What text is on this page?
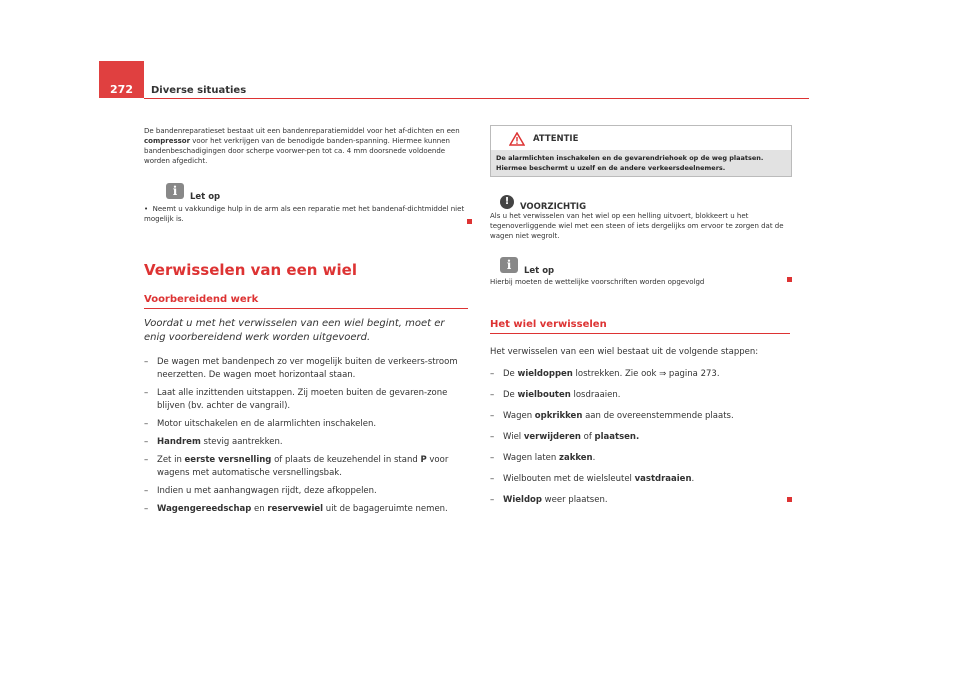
272	Diverse situaties
De bandenreparatieset bestaat uit een bandenreparatiemiddel voor het af-dichten en een compressor voor het verkrijgen van de benodigde banden-spanning. Hiermee kunnen bandenbeschadigingen door scherpe voorwer-pen tot ca. 4 mm doorsnede voldoende worden afgedicht.
i	Let op
•  Neemt u vakkundige hulp in de arm als een reparatie met het bandenaf-dichtmiddel niet mogelijk is.
Verwisselen van een wiel
Voorbereidend werk
Voordat u met het verwisselen van een wiel begint, moet er enig voorbereidend werk worden uitgevoerd.
– De wagen met bandenpech zo ver mogelijk buiten de verkeers-stroom neerzetten. De wagen moet horizontaal staan.
– Laat alle inzittenden uitstappen. Zij moeten buiten de gevaren-zone blijven (bv. achter de vangrail).
– Motor uitschakelen en de alarmlichten inschakelen.
– Handrem stevig aantrekken.
– Zet in eerste versnelling of plaats de keuzehendel in stand P voor wagens met automatische versnellingsbak.
– Indien u met aanhangwagen rijdt, deze afkoppelen.
– Wagengereedschap en reservewiel uit de bagageruimte nemen.
ATTENTIE
De alarmlichten inschakelen en de gevarendriehoek op de weg plaatsen. Hiermee beschermt u uzelf en de andere verkeersdeelnemers.
!	VOORZICHTIG
Als u het verwisselen van het wiel op een helling uitvoert, blokkeert u het tegenoverliggende wiel met een steen of iets dergelijks om ervoor te zorgen dat de wagen niet wegrolt.
i	Let op
Hierbij moeten de wettelijke voorschriften worden opgevolgd
Het wiel verwisselen
Het verwisselen van een wiel bestaat uit de volgende stappen:
– De wieldoppen lostrekken. Zie ook ⇒ pagina 273.
– De wielbouten losdraaien.
– Wagen opkrikken aan de overeenstemmende plaats.
– Wiel verwijderen of plaatsen.
– Wagen laten zakken.
– Wielbouten met de wielsleutel vastdraaien.
– Wieldop weer plaatsen.
